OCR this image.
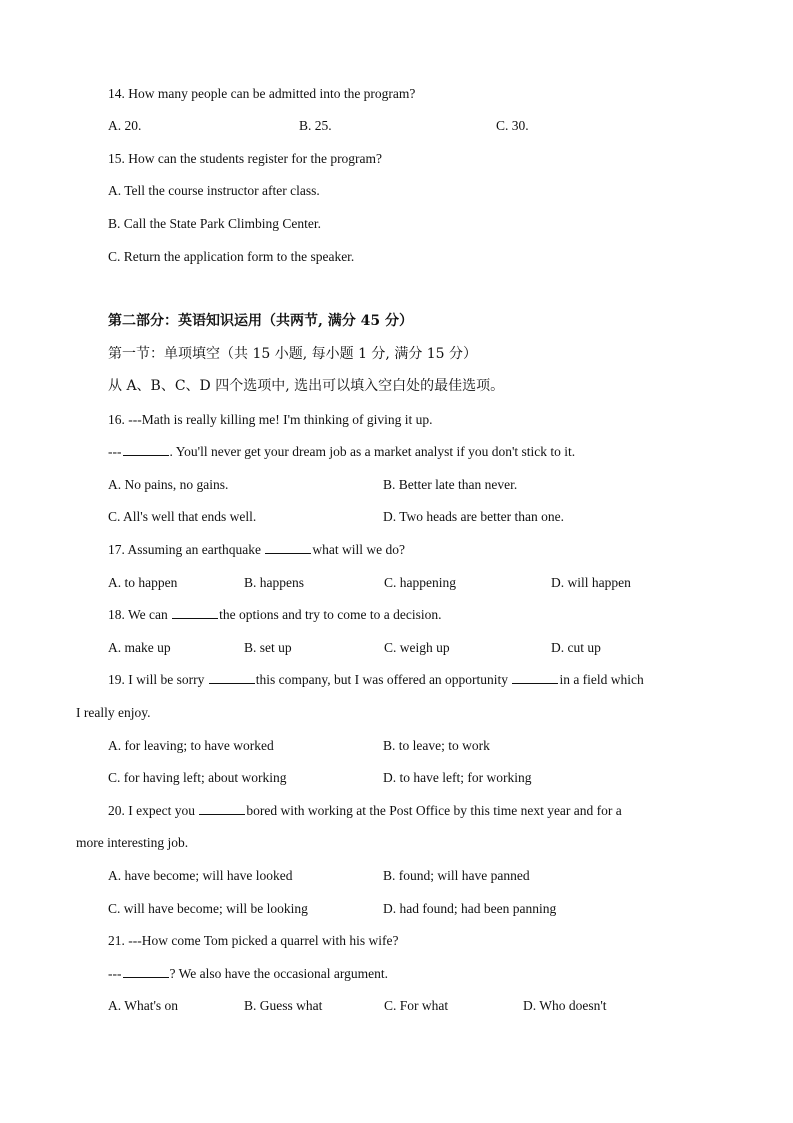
14. How many people can be admitted into the program?
A. 20.	B. 25.	C. 30.
15. How can the students register for the program?
A. Tell the course instructor after class.
B. Call the State Park Climbing Center.
C. Return the application form to the speaker.
第二部分：英语知识运用（共两节, 满分 45 分）
第一节：单项填空（共 15 小题, 每小题 1 分, 满分 15 分）
从 A、B、C、D 四个选项中, 选出可以填入空白处的最佳选项。
16. ---Math is really killing me! I'm thinking of giving it up.
---	. You'll never get your dream job as a market analyst if you don't stick to it.
A. No pains, no gains.	B. Better late than never.
C. All's well that ends well.	D. Two heads are better than one.
17. Assuming an earthquake	what will we do?
A. to happen	B. happens	C. happening	D. will happen
18. We can	the options and try to come to a decision.
A. make up	B. set up	C. weigh up	D. cut up
19. I will be sorry	this company, but I was offered an opportunity	in a field which
I really enjoy.
A. for leaving; to have worked	B. to leave; to work
C. for having left; about working	D. to have left; for working
20. I expect you	bored with working at the Post Office by this time next year and for a
more interesting job.
A. have become; will have looked	B. found; will have panned
C. will have become; will be looking	D. had found; had been panning
21. ---How come Tom picked a quarrel with his wife?
---	? We also have the occasional argument.
A. What's on	B. Guess what	C. For what	D. Who doesn't
